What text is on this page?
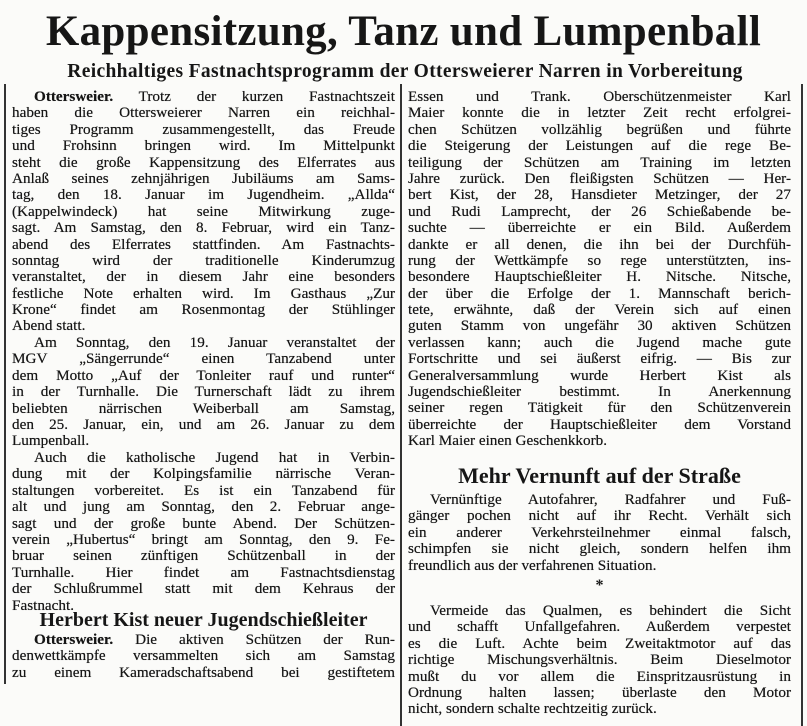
Kappensitzung, Tanz und Lumpenball
Reichhaltiges Fastnachtsprogramm der Ottersweierer Narren in Vorbereitung
Ottersweier. Trotz der kurzen Fastnachtszeit
haben die Ottersweierer Narren ein reichhal-
tiges Programm zusammengestellt, das Freude
und Frohsinn bringen wird. Im Mittelpunkt
steht die große Kappensitzung des Elferrates aus
Anlaß seines zehnjährigen Jubiläums am Sams-
tag, den 18. Januar im Jugendheim. „Allda“
(Kappelwindeck) hat seine Mitwirkung zuge-
sagt. Am Samstag, den 8. Februar, wird ein Tanz-
abend des Elferrates stattfinden. Am Fastnachts-
sonntag wird der traditionelle Kinderumzug
veranstaltet, der in diesem Jahr eine besonders
festliche Note erhalten wird. Im Gasthaus „Zur
Krone“ findet am Rosenmontag der Stühlinger
Abend statt.
Am Sonntag, den 19. Januar veranstaltet der
MGV „Sängerrunde“ einen Tanzabend unter
dem Motto „Auf der Tonleiter rauf und runter“
in der Turnhalle. Die Turnerschaft lädt zu ihrem
beliebten närrischen Weiberball am Samstag,
den 25. Januar, ein, und am 26. Januar zu dem
Lumpenball.
Auch die katholische Jugend hat in Verbin-
dung mit der Kolpingsfamilie närrische Veran-
staltungen vorbereitet. Es ist ein Tanzabend für
alt und jung am Sonntag, den 2. Februar ange-
sagt und der große bunte Abend. Der Schützen-
verein „Hubertus“ bringt am Sonntag, den 9. Fe-
bruar seinen zünftigen Schützenball in der
Turnhalle. Hier findet am Fastnachtsdienstag
der Schlußrummel statt mit dem Kehraus der
Fastnacht.
Herbert Kist neuer Jugendschießleiter
Ottersweier. Die aktiven Schützen der Run-
denwettkämpfe versammelten sich am Samstag
zu einem Kameradschaftsabend bei gestiftetem
Essen und Trank. Oberschützenmeister Karl
Maier konnte die in letzter Zeit recht erfolgrei-
chen Schützen vollzählig begrüßen und führte
die Steigerung der Leistungen auf die rege Be-
teiligung der Schützen am Training im letzten
Jahre zurück. Den fleißigsten Schützen — Her-
bert Kist, der 28, Hansdieter Metzinger, der 27
und Rudi Lamprecht, der 26 Schießabende be-
suchte — überreichte er ein Bild. Außerdem
dankte er all denen, die ihn bei der Durchfüh-
rung der Wettkämpfe so rege unterstützten, ins-
besondere Hauptschießleiter H. Nitsche. Nitsche,
der über die Erfolge der 1. Mannschaft berich-
tete, erwähnte, daß der Verein sich auf einen
guten Stamm von ungefähr 30 aktiven Schützen
verlassen kann; auch die Jugend mache gute
Fortschritte und sei äußerst eifrig. — Bis zur
Generalversammlung wurde Herbert Kist als
Jugendschießleiter bestimmt. In Anerkennung
seiner regen Tätigkeit für den Schützenverein
überreichte der Hauptschießleiter dem Vorstand
Karl Maier einen Geschenkkorb.
Mehr Vernunft auf der Straße
Vernünftige Autofahrer, Radfahrer und Fuß-
gänger pochen nicht auf ihr Recht. Verhält sich
ein anderer Verkehrsteilnehmer einmal falsch,
schimpfen sie nicht gleich, sondern helfen ihm
freundlich aus der verfahrenen Situation.
*
Vermeide das Qualmen, es behindert die Sicht
und schafft Unfallgefahren. Außerdem verpestet
es die Luft. Achte beim Zweitaktmotor auf das
richtige Mischungsverhältnis. Beim Dieselmotor
mußt du vor allem die Einspritzausrüstung in
Ordnung halten lassen; überlaste den Motor
nicht, sondern schalte rechtzeitig zurück.
